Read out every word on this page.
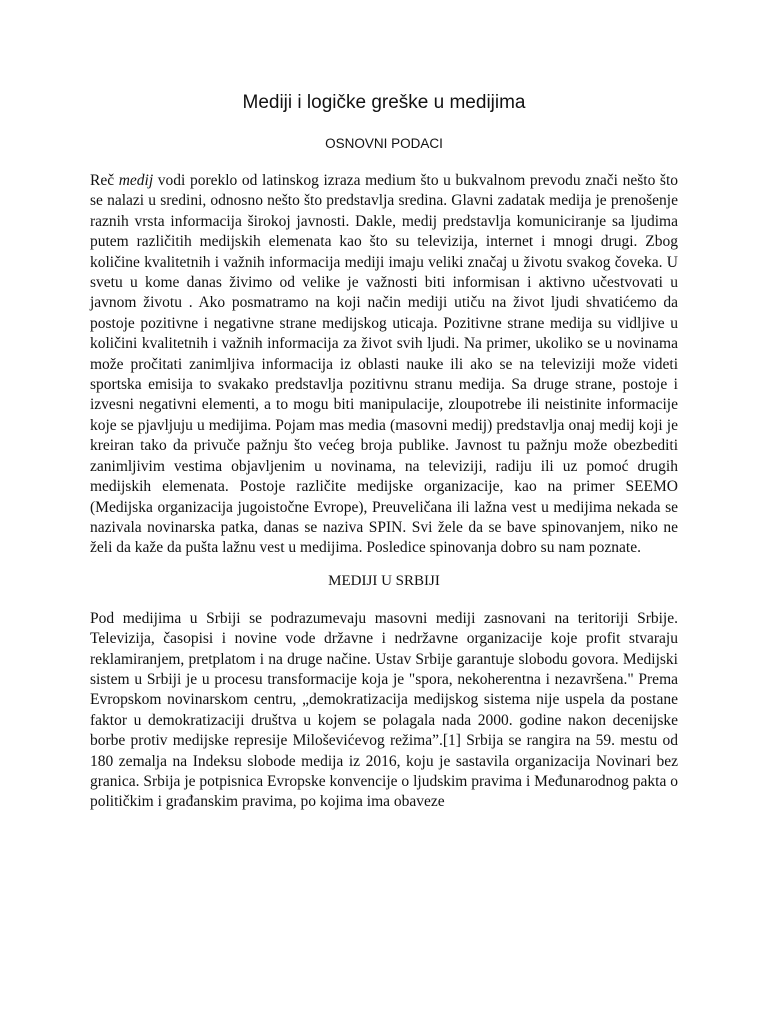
Mediji i logičke greške u medijima
OSNOVNI PODACI

Reč medij vodi poreklo od latinskog izraza medium što u bukvalnom prevodu znači nešto što se nalazi u sredini, odnosno nešto što predstavlja sredina. Glavni zadatak medija je prenošenje raznih vrsta informacija širokoj javnosti. Dakle, medij predstavlja komuniciranje sa ljudima putem različitih medijskih elemenata kao što su televizija, internet i mnogi drugi. Zbog količine kvalitetnih i važnih informacija mediji imaju veliki značaj u životu svakog čoveka. U svetu u kome danas živimo od velike je važnosti biti informisan i aktivno učestvovati u javnom životu . Ako posmatramo na koji način mediji utiču na život ljudi shvatićemo da postoje pozitivne i negativne strane medijskog uticaja. Pozitivne strane medija su vidljive u količini kvalitetnih i važnih informacija za život svih ljudi. Na primer, ukoliko se u novinama može pročitati zanimljiva informacija iz oblasti nauke ili ako se na televiziji može videti sportska emisija to svakako predstavlja pozitivnu stranu medija. Sa druge strane, postoje i izvesni negativni elementi, a to mogu biti manipulacije, zloupotrebe ili neistinite informacije koje se pjavljuju u medijima. Pojam mas media (masovni medij) predstavlja onaj medij koji je kreiran tako da privuče pažnju što većeg broja publike. Javnost tu pažnju može obezbediti zanimljivim vestima objavljenim u novinama, na televiziji, radiju ili uz pomoć drugih medijskih elemenata. Postoje različite medijske organizacije, kao na primer SEEMO (Medijska organizacija jugoistočne Evrope), Preuveličana ili lažna vest u medijima nekada se nazivala novinarska patka, danas se naziva SPIN. Svi žele da se bave spinovanjem, niko ne želi da kaže da pušta lažnu vest u medijima. Posledice spinovanja dobro su nam poznate.

MEDIJI U SRBIJI

Pod medijima u Srbiji se podrazumevaju masovni mediji zasnovani na teritoriji Srbije. Televizija, časopisi i novine vode državne i nedržavne organizacije koje profit stvaraju reklamiranjem, pretplatom i na druge načine. Ustav Srbije garantuje slobodu govora. Medijski sistem u Srbiji je u procesu transformacije koja je "spora, nekoherentna i nezavršena." Prema Evropskom novinarskom centru, „demokratizacija medijskog sistema nije uspela da postane faktor u demokratizaciji društva u kojem se polagala nada 2000. godine nakon decenijske borbe protiv medijske represije Miloševićevog režima”.[1] Srbija se rangira na 59. mestu od 180 zemalja na Indeksu slobode medija iz 2016, koju je sastavila organizacija Novinari bez granica. Srbija je potpisnica Evropske konvencije o ljudskim pravima i Međunarodnog pakta o političkim i građanskim pravima, po kojima ima obaveze
